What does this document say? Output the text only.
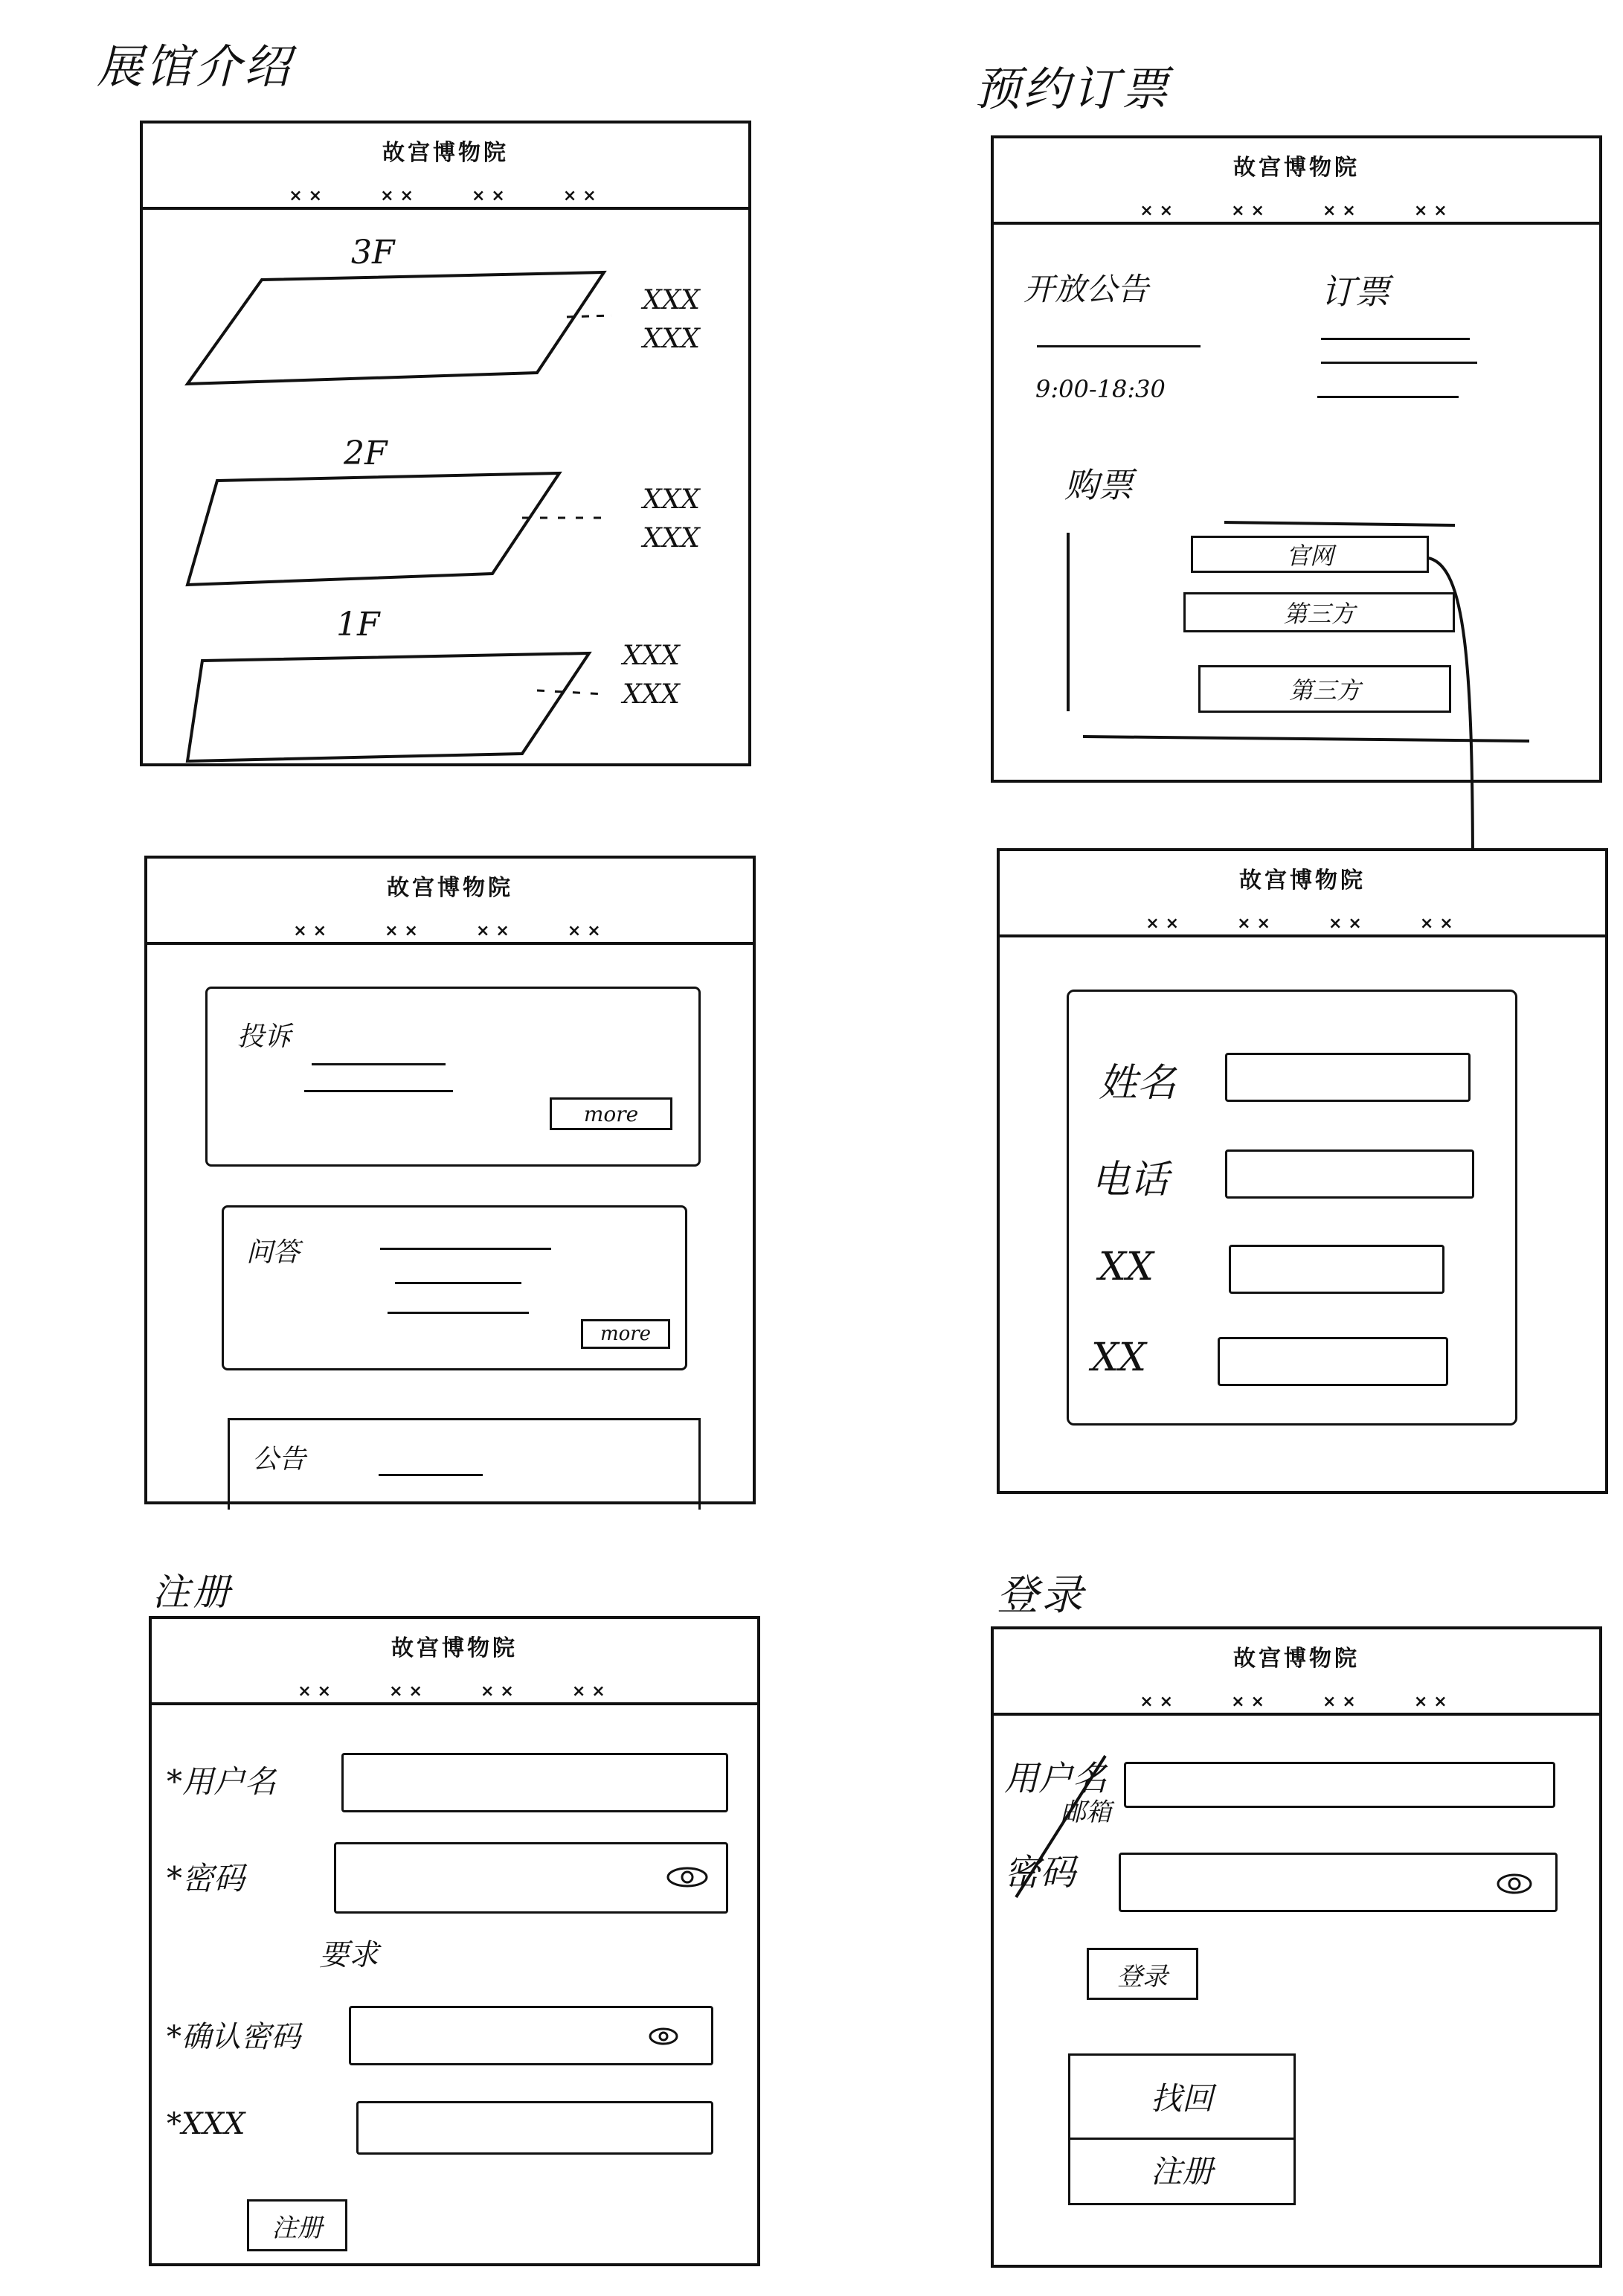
展馆介绍	预约订票
注册	登录
故宫博物院
××	××	××	××
3F
XXX
XXX
2F
XXX
XXX
1F
XXX
XXX
故宫博物院
××	××	××	××
开放公告
9:00-18:30
订票
购票
官网
第三方
第三方
故宫博物院
××	××	××	××
投诉
more
问答
more
公告
故宫博物院
××	××	××	××
姓名
电话
XX
XX
故宫博物院
××	××	××	××
*用户名
*密码
要求
*确认密码
*XXX
注册
故宫博物院
××	××	××	××
用户名
邮箱
密码
登录
找回
注册
